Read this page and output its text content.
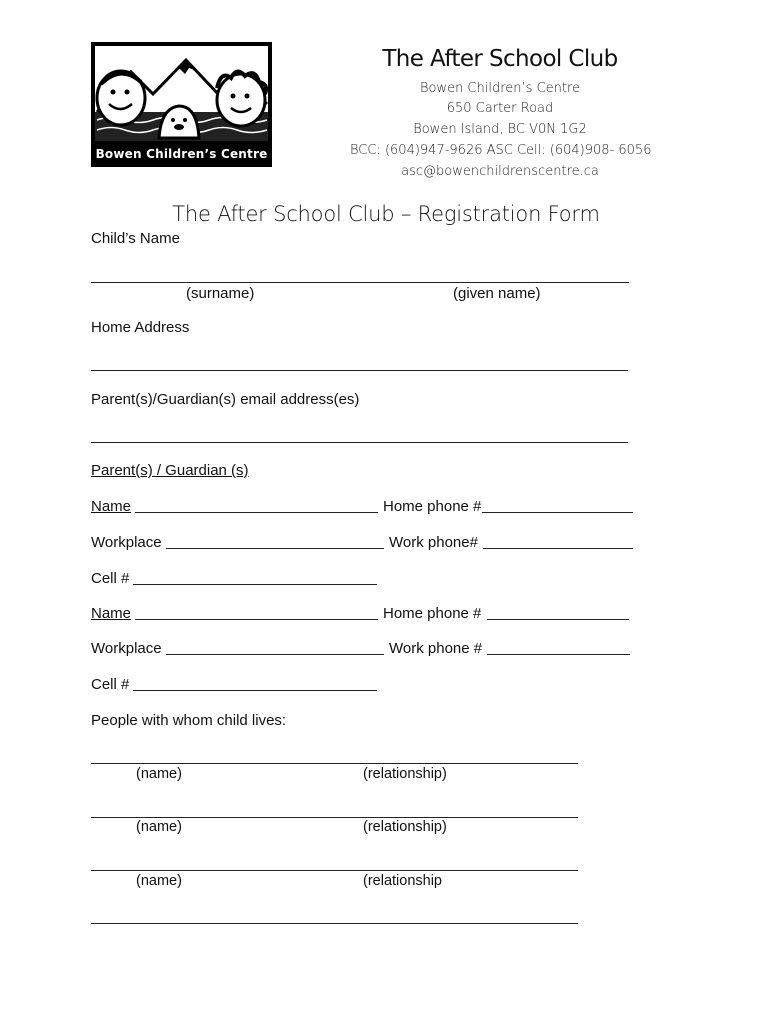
Bowen Children’s Centre
The After School Club
Bowen Children’s Centre
650 Carter Road
Bowen Island, BC V0N 1G2
BCC: (604)947-9626 ASC Cell: (604)908- 6056
asc@bowenchildrenscentre.ca
The After School Club – Registration Form
Child’s Name
(surname)	(given name)
Home Address
Parent(s)/Guardian(s) email address(es)
Parent(s) / Guardian (s)
Name	Home phone #
Workplace	Work phone#
Cell #
Name	Home phone #
Workplace	Work phone #
Cell #
People with whom child lives:
(name)	(relationship)
(name)	(relationship)
(name)	(relationship
